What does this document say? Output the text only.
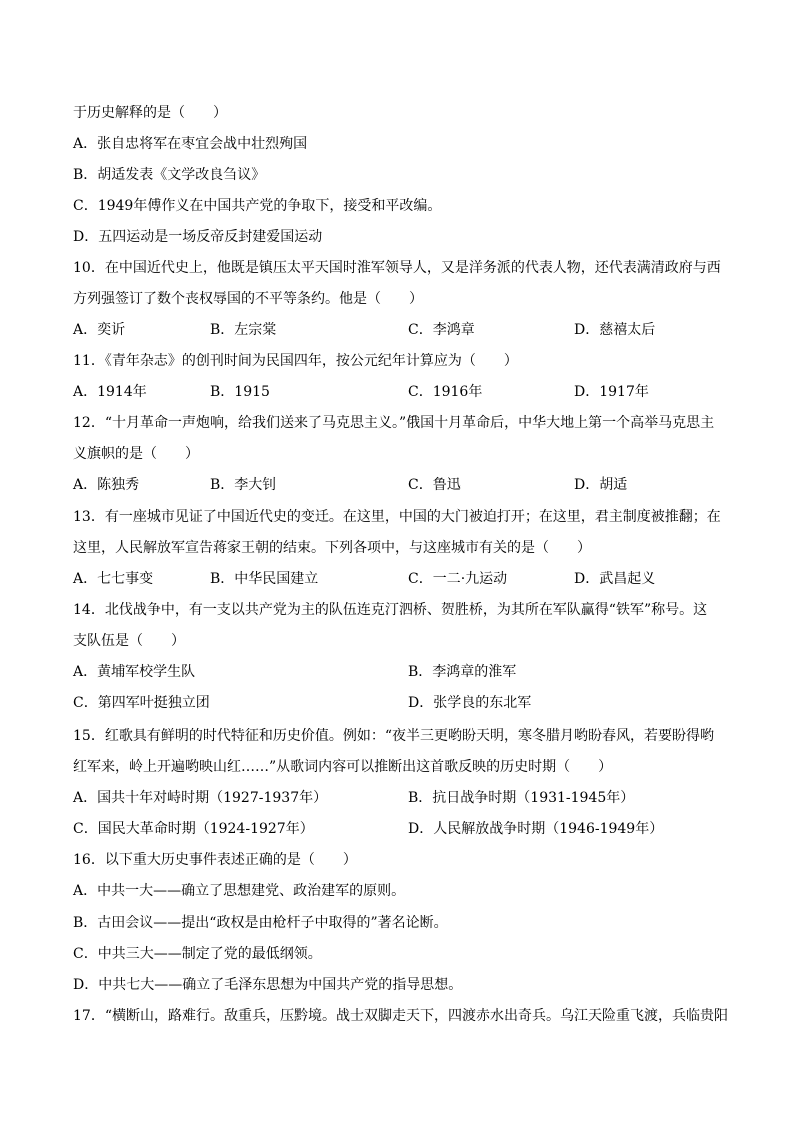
于历史解释的是（　　）
A．张自忠将军在枣宜会战中壮烈殉国
B．胡适发表《文学改良刍议》
C．1949年傅作义在中国共产党的争取下，接受和平改编。
D．五四运动是一场反帝反封建爱国运动
10．在中国近代史上，他既是镇压太平天国时淮军领导人，又是洋务派的代表人物，还代表满清政府与西
方列强签订了数个丧权辱国的不平等条约。他是（　　）
A．奕䜣	B．左宗棠	C．李鸿章	D．慈禧太后
11．《青年杂志》的创刊时间为民国四年，按公元纪年计算应为（　　）
A．1914年	B．1915	C．1916年	D．1917年
12．“十月革命一声炮响，给我们送来了马克思主义。”俄国十月革命后，中华大地上第一个高举马克思主
义旗帜的是（　　）
A．陈独秀	B．李大钊	C．鲁迅	D．胡适
13．有一座城市见证了中国近代史的变迁。在这里，中国的大门被迫打开；在这里，君主制度被推翻；在
这里，人民解放军宣告蒋家王朝的结束。下列各项中，与这座城市有关的是（　　）
A．七七事变	B．中华民国建立	C．一二·九运动	D．武昌起义
14．北伐战争中，有一支以共产党为主的队伍连克汀泗桥、贺胜桥，为其所在军队赢得“铁军”称号。这
支队伍是（　　）
A．黄埔军校学生队	B．李鸿章的淮军
C．第四军叶挺独立团	D．张学良的东北军
15．红歌具有鲜明的时代特征和历史价值。例如：“夜半三更哟盼天明，寒冬腊月哟盼春风，若要盼得哟
红军来，岭上开遍哟映山红……”从歌词内容可以推断出这首歌反映的历史时期（　　）
A．国共十年对峙时期（1927-1937年）	B．抗日战争时期（1931-1945年）
C．国民大革命时期（1924-1927年）	D．人民解放战争时期（1946-1949年）
16．以下重大历史事件表述正确的是（　　）
A．中共一大——确立了思想建党、政治建军的原则。
B．古田会议——提出“政权是由枪杆子中取得的”著名论断。
C．中共三大——制定了党的最低纲领。
D．中共七大——确立了毛泽东思想为中国共产党的指导思想。
17．“横断山，路难行。敌重兵，压黔境。战士双脚走天下，四渡赤水出奇兵。乌江天险重飞渡，兵临贵阳
